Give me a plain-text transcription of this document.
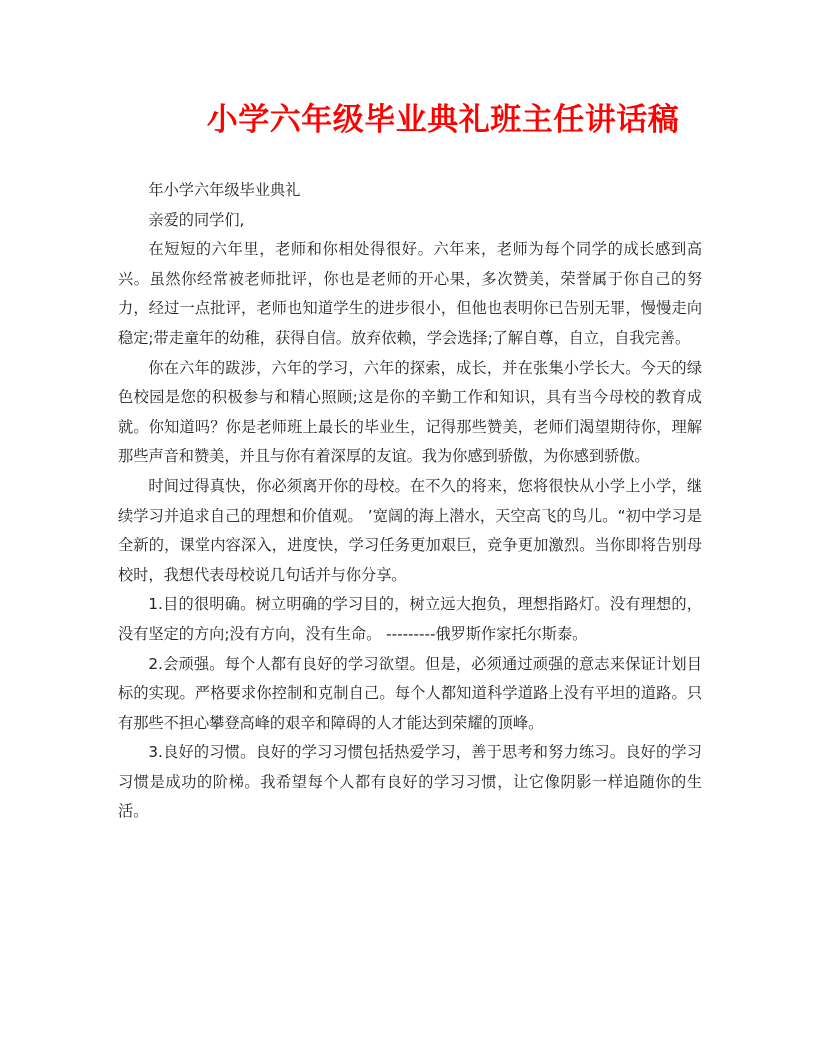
小学六年级毕业典礼班主任讲话稿

年小学六年级毕业典礼

亲爱的同学们,

在短短的六年里，老师和你相处得很好。六年来，老师为每个同学的成长感到高兴。虽然你经常被老师批评，你也是老师的开心果，多次赞美，荣誉属于你自己的努力，经过一点批评，老师也知道学生的进步很小，但他也表明你已告别无罪，慢慢走向稳定;带走童年的幼稚，获得自信。放弃依赖，学会选择;了解自尊，自立，自我完善。

你在六年的跋涉，六年的学习，六年的探索，成长，并在张集小学长大。今天的绿色校园是您的积极参与和精心照顾;这是你的辛勤工作和知识，具有当今母校的教育成就。你知道吗？你是老师班上最长的毕业生，记得那些赞美，老师们渴望期待你，理解那些声音和赞美，并且与你有着深厚的友谊。我为你感到骄傲，为你感到骄傲。

时间过得真快，你必须离开你的母校。在不久的将来，您将很快从小学上小学，继续学习并追求自己的理想和价值观。 ’宽阔的海上潜水，天空高飞的鸟儿。“初中学习是全新的，课堂内容深入，进度快，学习任务更加艰巨，竞争更加激烈。当你即将告别母校时，我想代表母校说几句话并与你分享。

1.目的很明确。树立明确的学习目的，树立远大抱负，理想指路灯。没有理想的，没有坚定的方向;没有方向，没有生命。 ---------俄罗斯作家托尔斯泰。

2.会顽强。每个人都有良好的学习欲望。但是，必须通过顽强的意志来保证计划目标的实现。严格要求你控制和克制自己。每个人都知道科学道路上没有平坦的道路。只有那些不担心攀登高峰的艰辛和障碍的人才能达到荣耀的顶峰。

3.良好的习惯。良好的学习习惯包括热爱学习，善于思考和努力练习。良好的学习习惯是成功的阶梯。我希望每个人都有良好的学习习惯，让它像阴影一样追随你的生活。
